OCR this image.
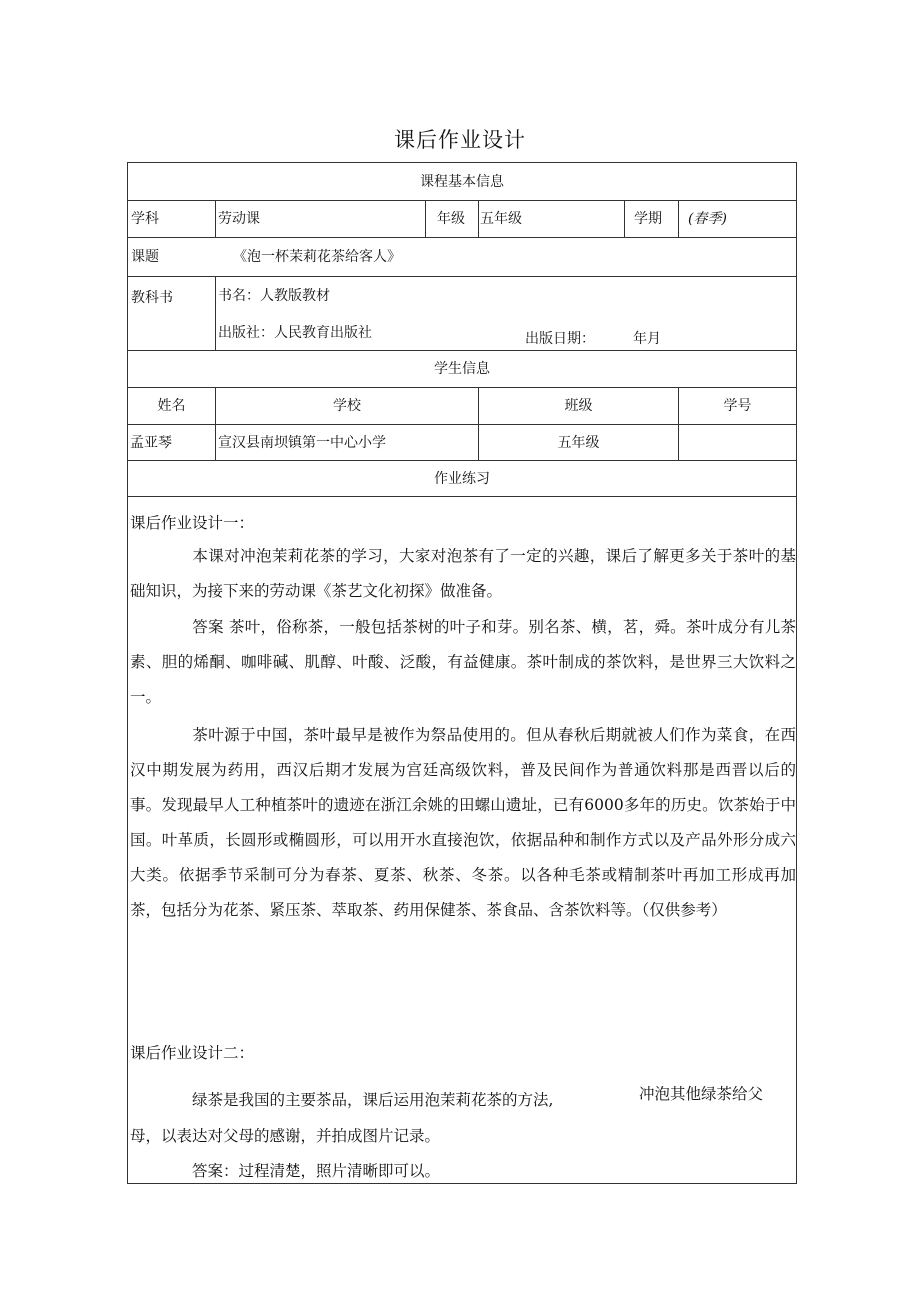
课后作业设计
课程基本信息
学科	劳动课	年级 五年级	学期 (春季)
课题	《泡一杯茉莉花茶给客人》
教科书	书名：人教版教材
出版社：人民教育出版社	出版日期：	年月
学生信息
姓名	学校	班级	学号
孟亚琴	宣汉县南坝镇第一中心小学	五年级
作业练习
课后作业设计一：
本课对冲泡茉莉花茶的学习，大家对泡茶有了一定的兴趣，课后了解更多关于茶叶的基础知识，为接下来的劳动课《茶艺文化初探》做准备。
答案 茶叶，俗称茶，一般包括茶树的叶子和芽。别名茶、横，茗，舜。茶叶成分有儿茶素、胆的烯酮、咖啡碱、肌醇、叶酸、泛酸，有益健康。茶叶制成的茶饮料，是世界三大饮料之一。
茶叶源于中国，茶叶最早是被作为祭品使用的。但从春秋后期就被人们作为菜食，在西汉中期发展为药用，西汉后期才发展为宫廷高级饮料，普及民间作为普通饮料那是西晋以后的事。发现最早人工种植茶叶的遗迹在浙江余姚的田螺山遗址，已有6000多年的历史。饮茶始于中国。叶革质，长圆形或椭圆形，可以用开水直接泡饮，依据品种和制作方式以及产品外形分成六大类。依据季节采制可分为春茶、夏茶、秋茶、冬茶。以各种毛茶或精制茶叶再加工形成再加茶，包括分为花茶、紧压茶、萃取茶、药用保健茶、茶食品、含茶饮料等。（仅供参考）
课后作业设计二：
绿茶是我国的主要茶品，课后运用泡茉莉花茶的方法,	冲泡其他绿茶给父
母，以表达对父母的感谢，并拍成图片记录。
答案：过程清楚，照片清晰即可以。
